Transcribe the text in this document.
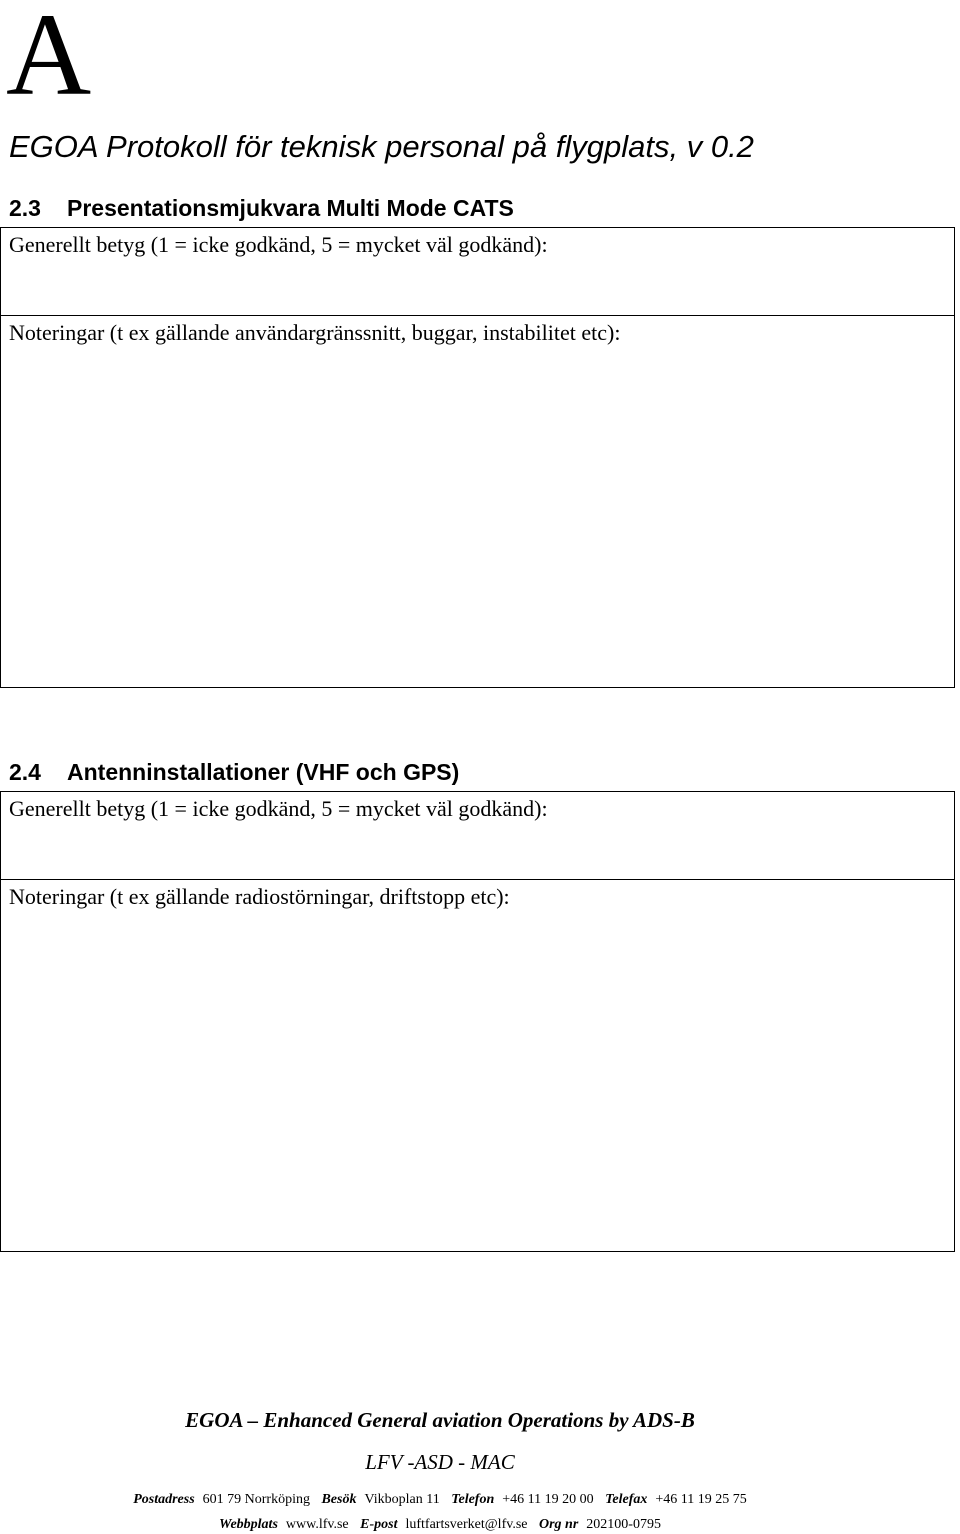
A
EGOA Protokoll för teknisk personal på flygplats, v 0.2
2.3 Presentationsmjukvara Multi Mode CATS
Generellt betyg (1 = icke godkänd, 5 = mycket väl godkänd):
Noteringar (t ex gällande användargränssnitt, buggar, instabilitet etc):
2.4 Antenninstallationer (VHF och GPS)
Generellt betyg (1 = icke godkänd, 5 = mycket väl godkänd):
Noteringar (t ex gällande radiostörningar, driftstopp etc):
EGOA – Enhanced General aviation Operations by ADS-B
LFV -ASD - MAC
Postadress 601 79 Norrköping Besök Vikboplan 11 Telefon +46 11 19 20 00 Telefax +46 11 19 25 75
Webbplats www.lfv.se E-post luftfartsverket@lfv.se Org nr 202100-0795
